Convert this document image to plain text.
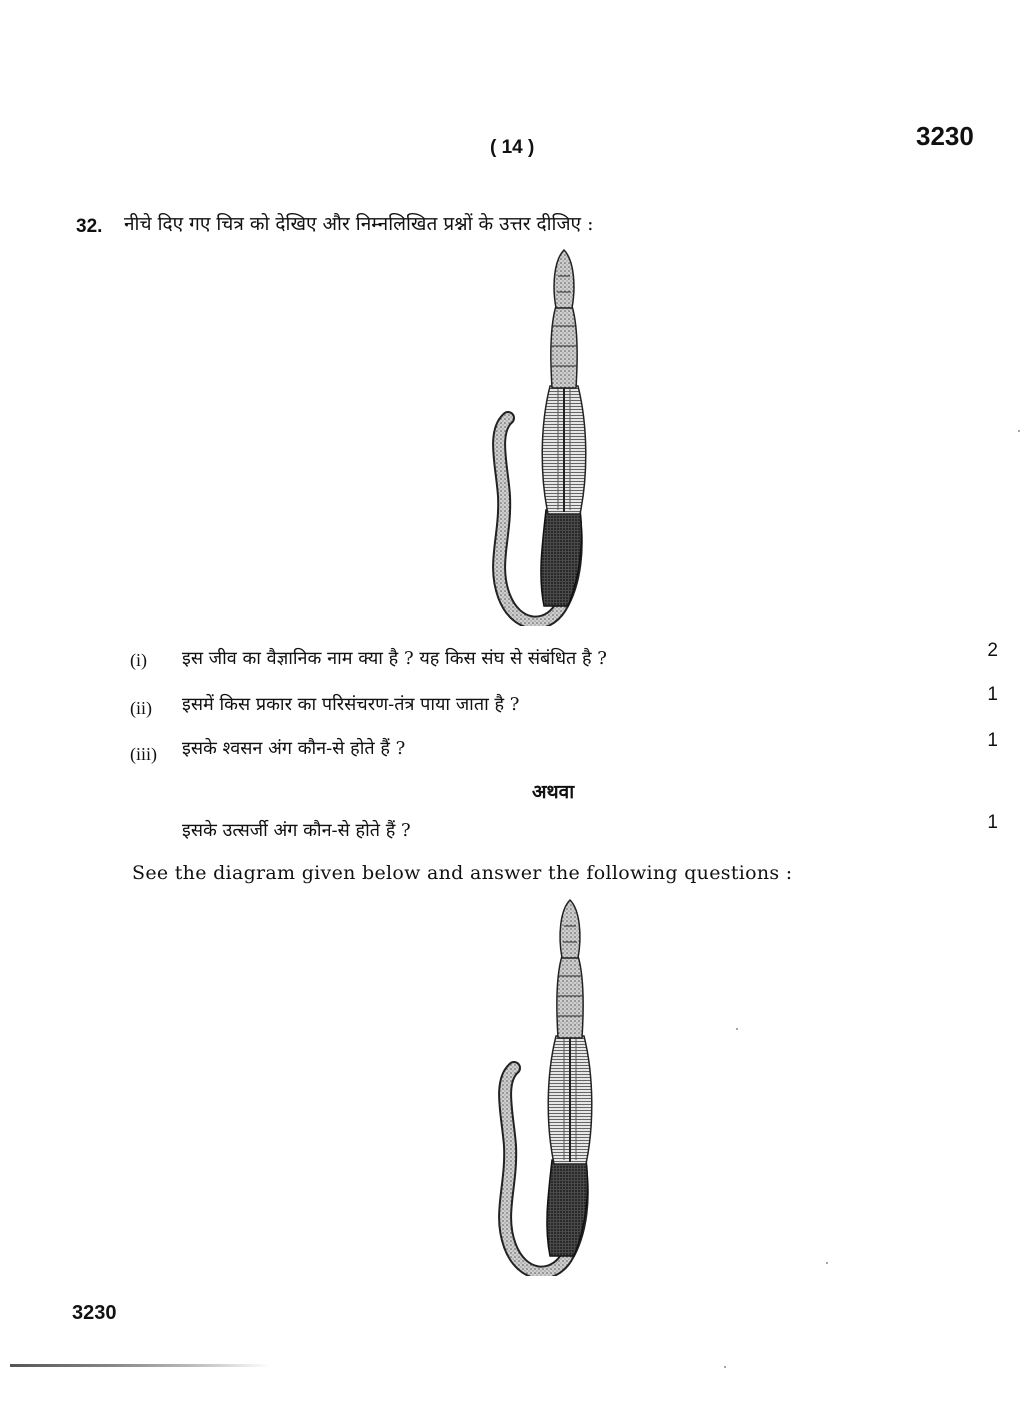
( 14 )	3230
32. नीचे दिए गए चित्र को देखिए और निम्नलिखित प्रश्नों के उत्तर दीजिए :
(i) इस जीव का वैज्ञानिक नाम क्या है ? यह किस संघ से संबंधित है ?	2
(ii) इसमें किस प्रकार का परिसंचरण-तंत्र पाया जाता है ?	1
(iii) इसके श्वसन अंग कौन-से होते हैं ?	1
अथवा
इसके उत्सर्जी अंग कौन-से होते हैं ?	1
See the diagram given below and answer the following questions :
3230
